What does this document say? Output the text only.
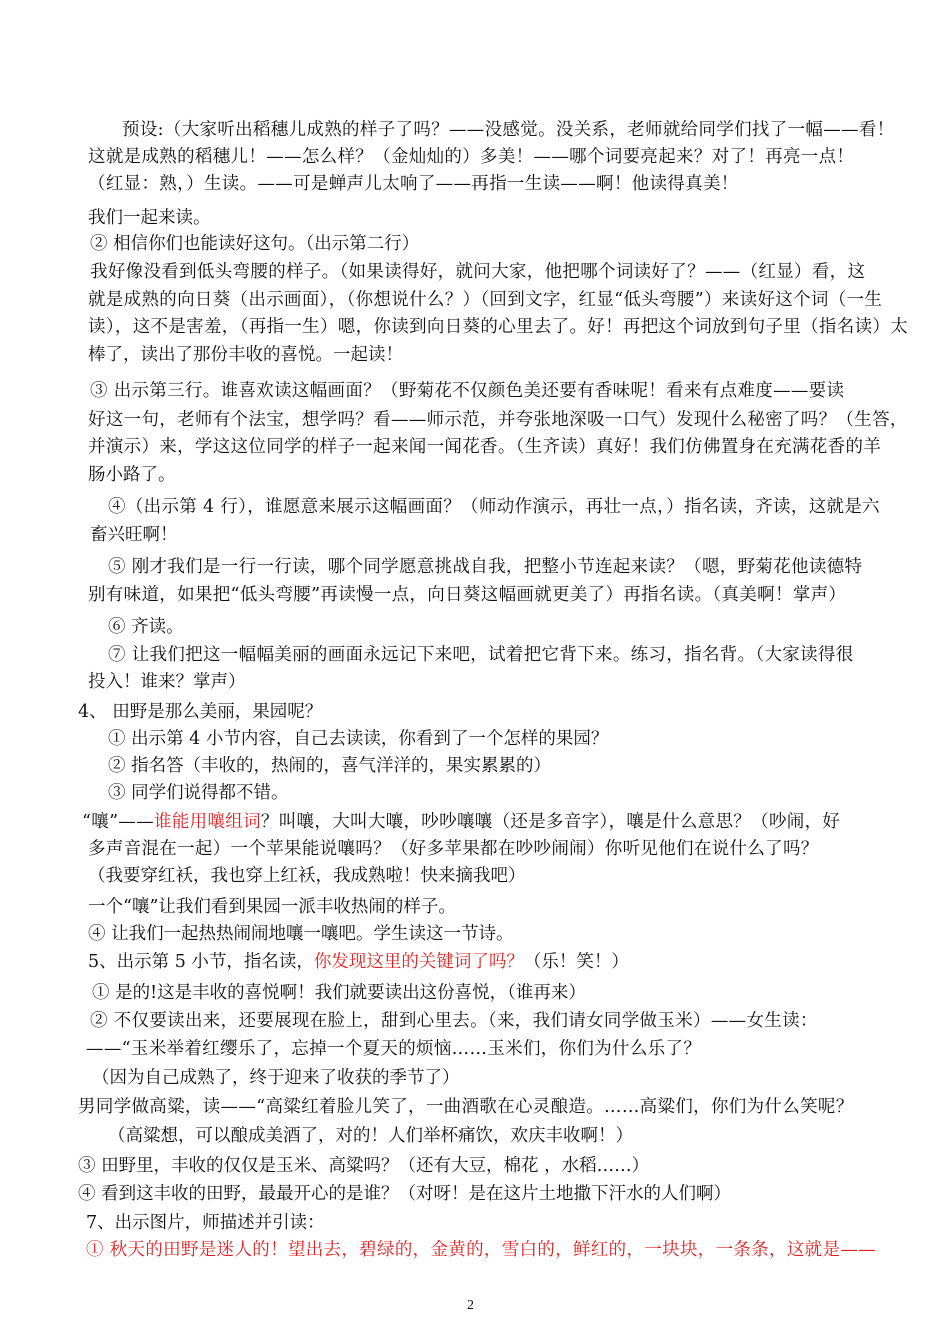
预设:（大家听出稻穗儿成熟的样子了吗？——没感觉。没关系，老师就给同学们找了一幅——看！
这就是成熟的稻穗儿！——怎么样？（金灿灿的）多美！——哪个词要亮起来？对了！再亮一点！
（红显：熟，）生读。——可是蝉声儿太响了——再指一生读——啊！他读得真美！
我们一起来读。
② 相信你们也能读好这句。（出示第二行）
我好像没看到低头弯腰的样子。（如果读得好，就问大家，他把哪个词读好了？——（红显）看，这
就是成熟的向日葵（出示画面），（你想说什么？）（回到文字，红显“低头弯腰”）来读好这个词（一生
读），这不是害羞，（再指一生）嗯，你读到向日葵的心里去了。好！再把这个词放到句子里（指名读）太
棒了，读出了那份丰收的喜悦。一起读！
③ 出示第三行。谁喜欢读这幅画面？（野菊花不仅颜色美还要有香味呢！看来有点难度——要读
好这一句，老师有个法宝，想学吗？看——师示范，并夸张地深吸一口气）发现什么秘密了吗？（生答，
并演示）来，学这这位同学的样子一起来闻一闻花香。（生齐读）真好！我们仿佛置身在充满花香的羊
肠小路了。
④（出示第 4 行），谁愿意来展示这幅画面？（师动作演示，再壮一点，）指名读，齐读，这就是六
畜兴旺啊！
⑤ 刚才我们是一行一行读，哪个同学愿意挑战自我，把整小节连起来读？（嗯，野菊花他读德特
别有味道，如果把“低头弯腰”再读慢一点，向日葵这幅画就更美了）再指名读。（真美啊！掌声）
⑥ 齐读。
⑦ 让我们把这一幅幅美丽的画面永远记下来吧，试着把它背下来。练习，指名背。（大家读得很
投入！谁来？掌声）
4、 田野是那么美丽，果园呢？
① 出示第 4 小节内容，自己去读读，你看到了一个怎样的果园？
② 指名答（丰收的，热闹的，喜气洋洋的，果实累累的）
③ 同学们说得都不错。
“嚷”——谁能用嚷组词？叫嚷，大叫大嚷，吵吵嚷嚷（还是多音字），嚷是什么意思？（吵闹，好
多声音混在一起）一个苹果能说嚷吗？（好多苹果都在吵吵闹闹）你听见他们在说什么了吗？
（我要穿红袄，我也穿上红袄，我成熟啦！快来摘我吧）
一个“嚷”让我们看到果园一派丰收热闹的样子。
④ 让我们一起热热闹闹地嚷一嚷吧。学生读这一节诗。
5、出示第 5 小节，指名读，你发现这里的关键词了吗？（乐！笑！）
① 是的!这是丰收的喜悦啊！我们就要读出这份喜悦，（谁再来）
② 不仅要读出来，还要展现在脸上，甜到心里去。（来，我们请女同学做玉米）——女生读：
——“玉米举着红缨乐了，忘掉一个夏天的烦恼……玉米们，你们为什么乐了？
（因为自己成熟了，终于迎来了收获的季节了）
男同学做高粱，读——“高粱红着脸儿笑了，一曲酒歌在心灵酿造。……高粱们，你们为什么笑呢？
（高粱想，可以酿成美酒了，对的！人们举杯痛饮，欢庆丰收啊！）
③ 田野里，丰收的仅仅是玉米、高粱吗？（还有大豆，棉花 ，水稻……）
④ 看到这丰收的田野，最最开心的是谁？（对呀！是在这片土地撒下汗水的人们啊）
7、出示图片，师描述并引读：
① 秋天的田野是迷人的！望出去，碧绿的，金黄的，雪白的，鲜红的，一块块，一条条，这就是——
2
